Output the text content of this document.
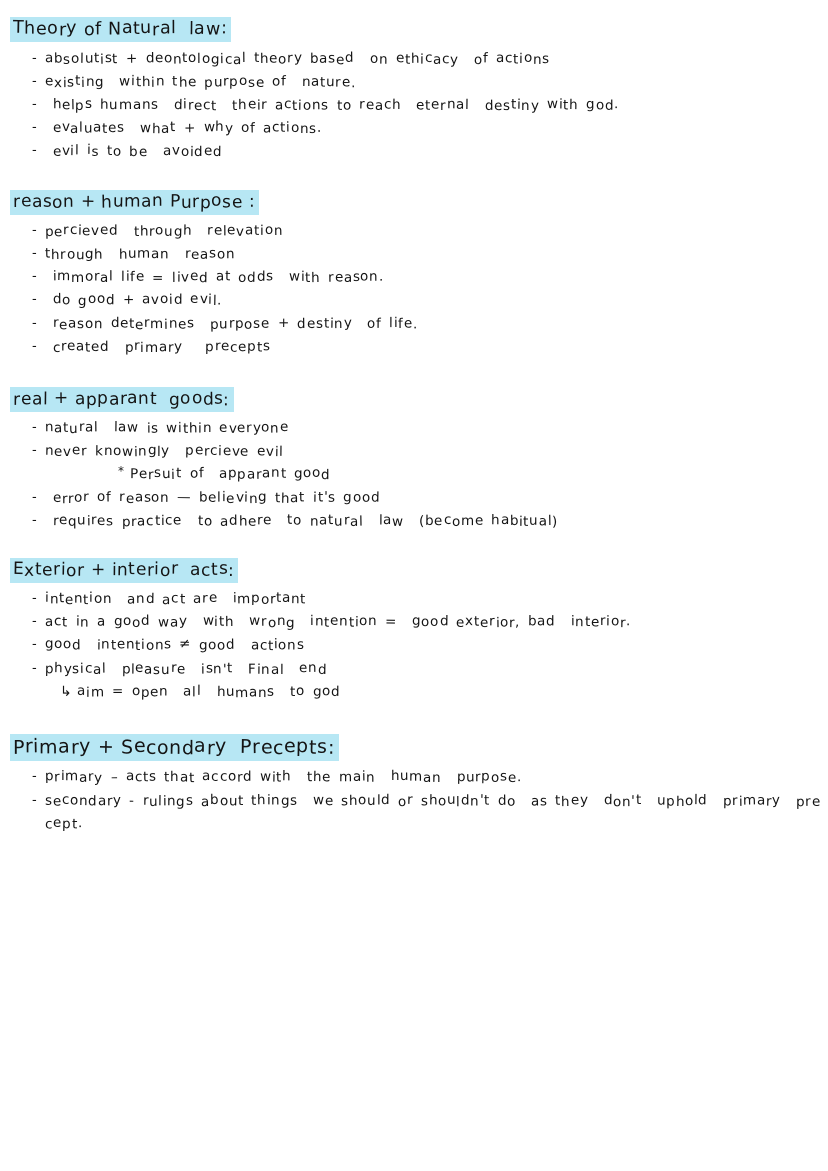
Theory of Natural law:
- absolutist + deontological theory based on ethicacy of actions
- existing within the purpose of nature.
- helps humans direct their actions to reach eternal destiny with god.
- evaluates what + why of actions.
- evil is to be avoided
reason + human Purpose :
- percieved through relevation
- through human reason
- immoral life = lived at odds with reason.
- do good + avoid evil.
- reason determines purpose + destiny of life.
- created primary precepts
real + apparant goods:
- natural law is within everyone
- never knowingly percieve evil
* Persuit of apparant good
- error of reason — believing that it's good
- requires practice to adhere to natural law (become habitual)
Exterior + interior acts:
- intention and act are important
- act in a good way with wrong intention = good exterior, bad interior.
- good intentions ≠ good actions
- physical pleasure isn't Final end
↳ aim = open all humans to god
Primary + Secondary Precepts:
- primary – acts that accord with the main human purpose.
- secondary - rulings about things we should or shouldn't do as they don't uphold primary precept.
